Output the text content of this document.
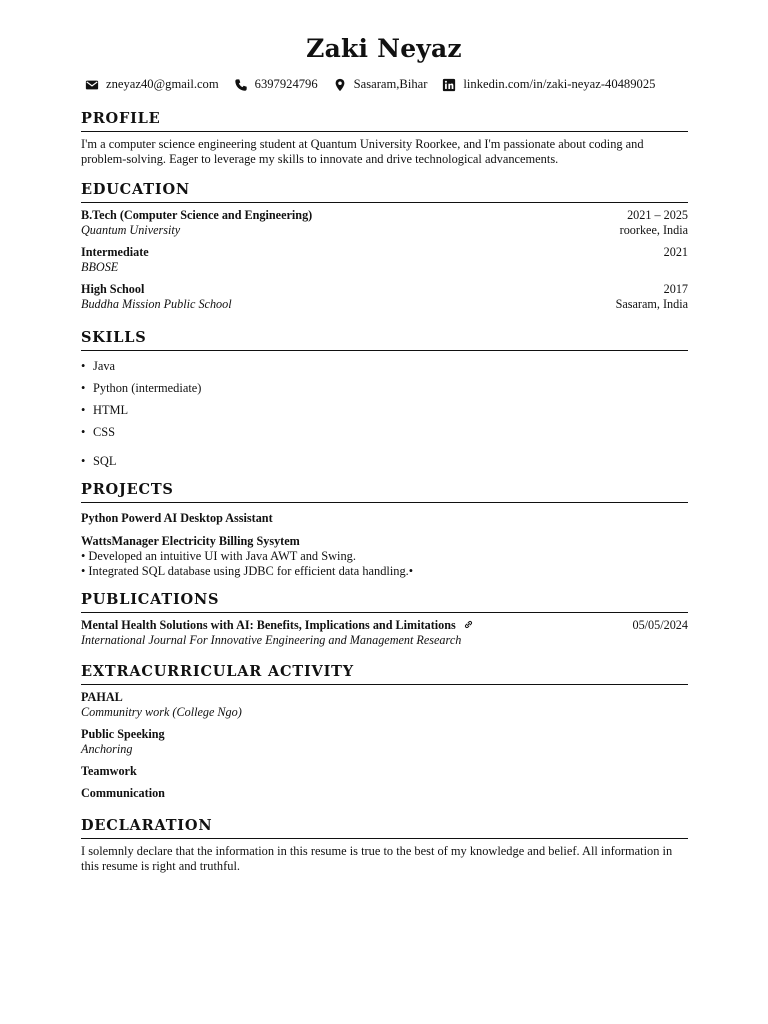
Zaki Neyaz
zneyaz40@gmail.com	6397924796	Sasaram,Bihar	linkedin.com/in/zaki-neyaz-40489025
PROFILE
I'm a computer science engineering student at Quantum University Roorkee, and I'm passionate about coding and problem-solving. Eager to leverage my skills to innovate and drive technological advancements.
EDUCATION
B.Tech (Computer Science and Engineering)	2021 – 2025
Quantum University	roorkee, India
Intermediate	2021
BBOSE
High School	2017
Buddha Mission Public School	Sasaram, India
SKILLS
• Java
• Python (intermediate)
• HTML
• CSS
• SQL
PROJECTS
Python Powerd AI Desktop Assistant
WattsManager Electricity Billing Sysytem
• Developed an intuitive UI with Java AWT and Swing.
• Integrated SQL database using JDBC for efficient data handling.•
PUBLICATIONS
Mental Health Solutions with AI: Benefits, Implications and Limitations	05/05/2024
International Journal For Innovative Engineering and Management Research
EXTRACURRICULAR ACTIVITY
PAHAL
Communitry work (College Ngo)
Public Speeking
Anchoring
Teamwork
Communication
DECLARATION
I solemnly declare that the information in this resume is true to the best of my knowledge and belief. All information in this resume is right and truthful.
